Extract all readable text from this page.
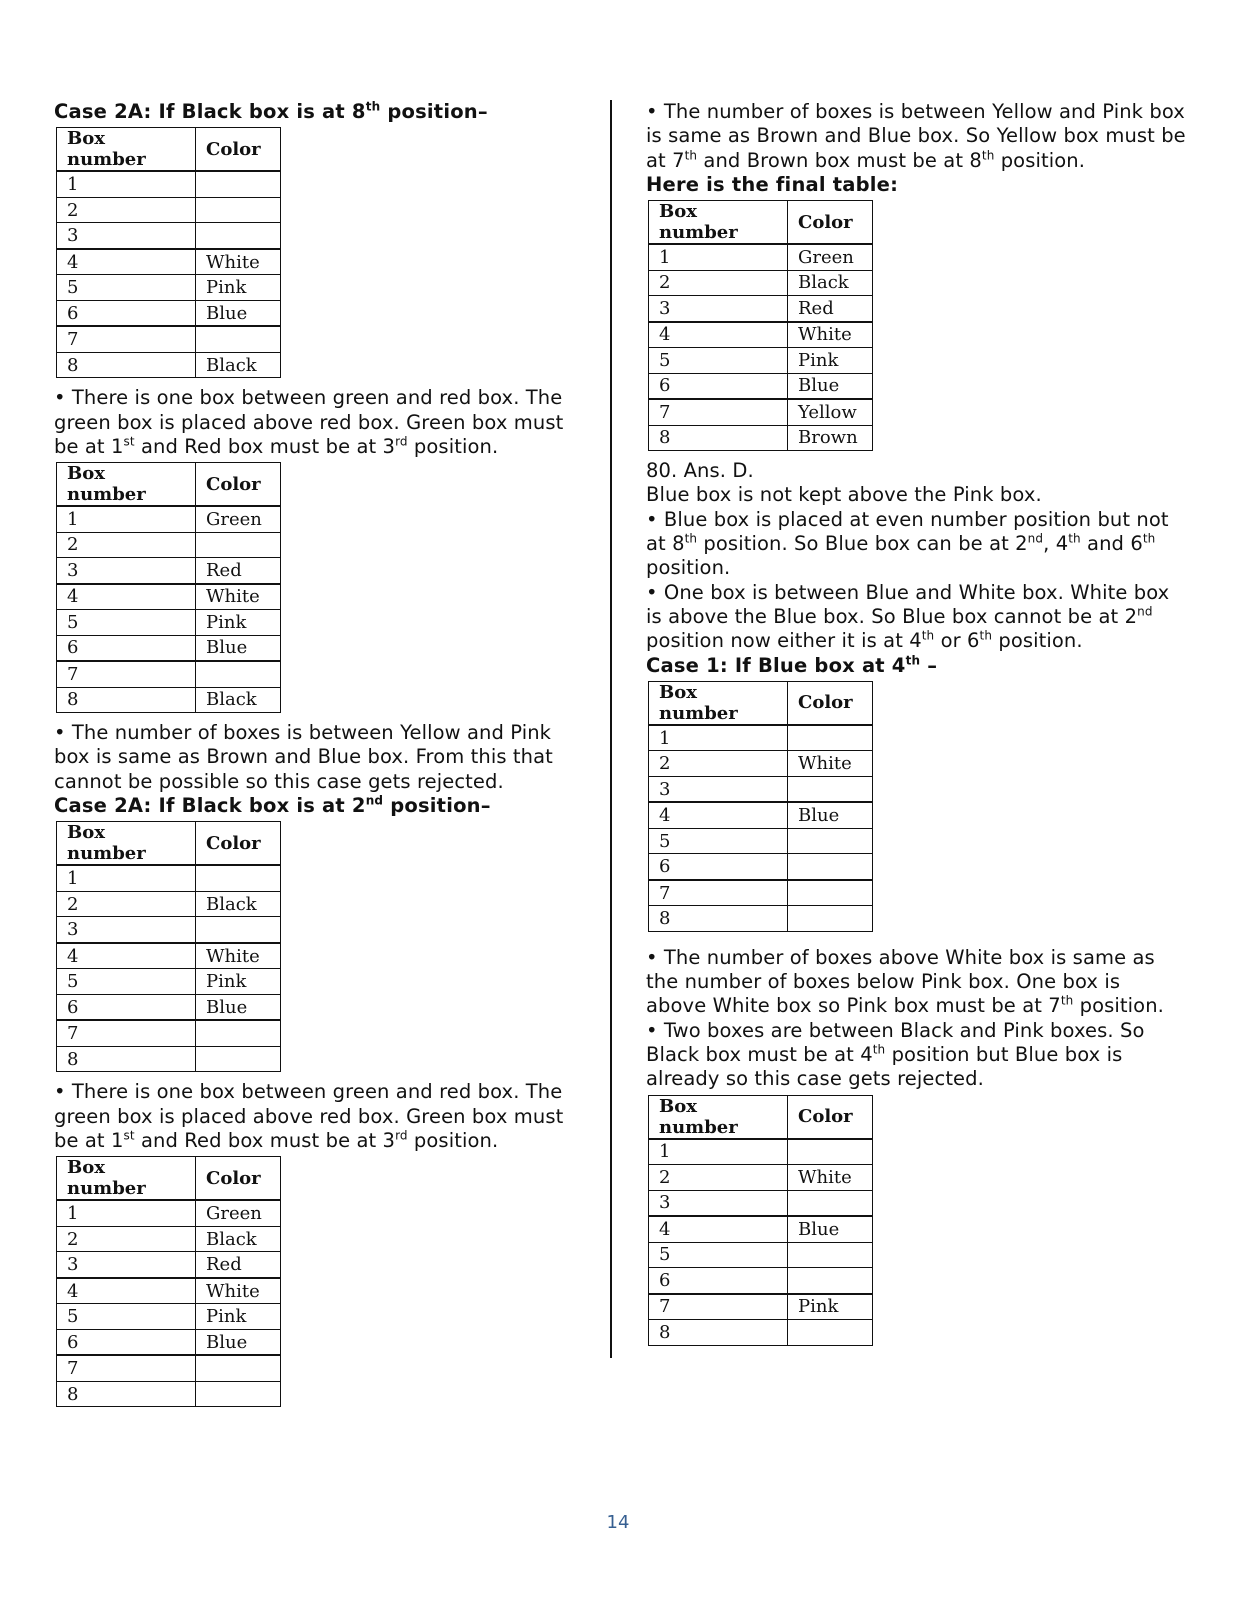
Case 2A: If Black box is at 8th position–

Box number	Color
1	
2	
3	
4	White
5	Pink
6	Blue
7	
8	Black

• There is one box between green and red box. The green box is placed above red box. Green box must be at 1st and Red box must be at 3rd position.

Box number	Color
1	Green
2	
3	Red
4	White
5	Pink
6	Blue
7	
8	Black

• The number of boxes is between Yellow and Pink box is same as Brown and Blue box. From this that cannot be possible so this case gets rejected.

Case 2A: If Black box is at 2nd position–

Box number	Color
1	
2	Black
3	
4	White
5	Pink
6	Blue
7	
8	

• There is one box between green and red box. The green box is placed above red box. Green box must be at 1st and Red box must be at 3rd position.

Box number	Color
1	Green
2	Black
3	Red
4	White
5	Pink
6	Blue
7	
8	

• The number of boxes is between Yellow and Pink box is same as Brown and Blue box. So Yellow box must be at 7th and Brown box must be at 8th position.

Here is the final table:

Box number	Color
1	Green
2	Black
3	Red
4	White
5	Pink
6	Blue
7	Yellow
8	Brown

80. Ans. D.

Blue box is not kept above the Pink box.

• Blue box is placed at even number position but not at 8th position. So Blue box can be at 2nd, 4th and 6th position.

• One box is between Blue and White box. White box is above the Blue box. So Blue box cannot be at 2nd position now either it is at 4th or 6th position.

Case 1: If Blue box at 4th –

Box number	Color
1	
2	White
3	
4	Blue
5	
6	
7	
8	

• The number of boxes above White box is same as the number of boxes below Pink box. One box is above White box so Pink box must be at 7th position.

• Two boxes are between Black and Pink boxes. So Black box must be at 4th position but Blue box is already so this case gets rejected.

Box number	Color
1	
2	White
3	
4	Blue
5	
6	
7	Pink
8	
14
